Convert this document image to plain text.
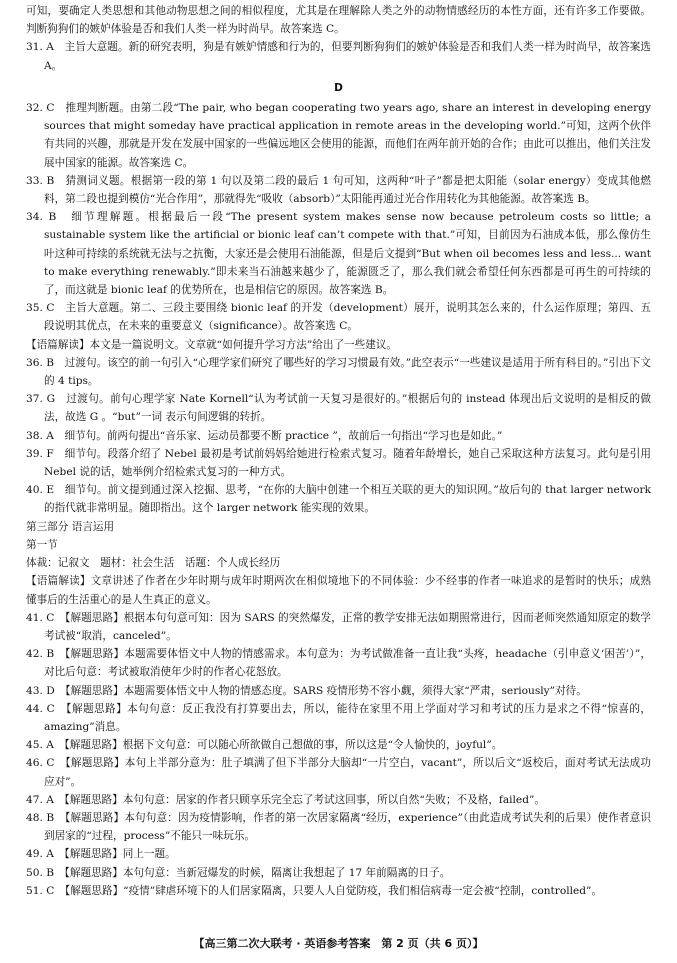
可知，要确定人类思想和其他动物思想之间的相似程度，尤其是在理解除人类之外的动物情感经历的本性方面，还有许多工作要做。判断狗狗们的嫉妒体验是否和我们人类一样为时尚早。故答案选 C。

31. A　主旨大意题。新的研究表明，狗是有嫉妒情感和行为的，但要判断狗狗们的嫉妒体验是否和我们人类一样为时尚早，故答案选 A。

D

32. C　推理判断题。由第二段“The pair, who began cooperating two years ago, share an interest in developing energy sources that might someday have practical application in remote areas in the developing world.”可知，这两个伙伴有共同的兴趣，那就是开发在发展中国家的一些偏远地区会使用的能源，而他们在两年前开始的合作；由此可以推出，他们关注发展中国家的能源。故答案选 C。

33. B　猜测词义题。根据第一段的第 1 句以及第二段的最后 1 句可知，这两种“叶子”都是把太阳能（solar energy）变成其他燃料，第二段也提到模仿“光合作用”，那就得先“吸收（absorb）”太阳能再通过光合作用转化为其他能源。故答案选 B。

34. B　细节理解题。根据最后一段“The present system makes sense now because petroleum costs so little; a sustainable system like the artificial or bionic leaf can’t compete with that.”可知，目前因为石油成本低，那么像仿生叶这种可持续的系统就无法与之抗衡，大家还是会使用石油能源，但是后文提到“But when oil becomes less and less... want to make everything renewably.”即未来当石油越来越少了，能源匮乏了，那么我们就会希望任何东西都是可再生的可持续的了，而这就是 bionic leaf 的优势所在，也是相信它的原因。故答案选 B。

35. C　主旨大意题。第二、三段主要围绕 bionic leaf 的开发（development）展开，说明其怎么来的，什么运作原理；第四、五段说明其优点，在未来的重要意义（significance）。故答案选 C。

【语篇解读】本文是一篇说明文。文章就“如何提升学习方法”给出了一些建议。

36. B　过渡句。该空的前一句引入“心理学家们研究了哪些好的学习习惯最有效。”此空表示“一些建议是适用于所有科目的。”引出下文的 4 tips。

37. G　过渡句。前句心理学家 Nate Kornell“认为考试前一天复习是很好的。”根据后句的 instead 体现出后文说明的是相反的做法，故选 G 。“but”一词 表示句间逻辑的转折。

38. A　细节句。前两句提出“音乐家、运动员都要不断 practice ”，故前后一句指出“学习也是如此。”

39. F　细节句。段落介绍了 Nebel 最初是考试前妈妈给她进行检索式复习。随着年龄增长，她自己采取这种方法复习。此句是引用 Nebel 说的话，她举例介绍检索式复习的一种方式。

40. E　细节句。前文提到通过深入挖掘、思考，“在你的大脑中创建一个相互关联的更大的知识网。”故后句的 that larger network 的指代就非常明显。随即指出。这个 larger network 能实现的效果。

第三部分 语言运用

第一节

体裁：记叙文　题材：社会生活　话题：个人成长经历

【语篇解读】文章讲述了作者在少年时期与成年时期两次在相似境地下的不同体验：少不经事的作者一味追求的是暂时的快乐；成熟懂事后的生活重心的是人生真正的意义。

41. C　【解题思路】根据本句句意可知：因为 SARS 的突然爆发，正常的教学安排无法如期照常进行，因而老师突然通知原定的数学考试被“取消，canceled”。

42. B　【解题思路】本题需要体悟文中人物的情感需求。本句意为：为考试做准备一直让我“头疼，headache（引申意义‘困苦’）”，对比后句意：考试被取消使年少时的作者心花怒放。

43. D　【解题思路】本题需要体悟文中人物的情感态度。SARS 疫情形势不容小觑，须得大家“严肃，seriously”对待。

44. C　【解题思路】本句句意：反正我没有打算要出去，所以，能待在家里不用上学面对学习和考试的压力是求之不得“惊喜的，amazing”消息。

45. A　【解题思路】根据下文句意：可以随心所欲做自己想做的事，所以这是“令人愉快的，joyful”。

46. C　【解题思路】本句上半部分意为：肚子填满了但下半部分大脑却“一片空白，vacant”，所以后文“返校后，面对考试无法成功应对”。

47. A　【解题思路】本句句意：居家的作者只顾享乐完全忘了考试这回事，所以自然“失败；不及格，failed”。

48. B　【解题思路】本句句意：因为疫情影响，作者的第一次居家隔离“经历，experience”（由此造成考试失利的后果）使作者意识到居家的“过程，process”不能只一味玩乐。

49. A　【解题思路】同上一题。

50. B　【解题思路】本句句意：当新冠爆发的时候，隔离让我想起了 17 年前隔离的日子。

51. C　【解题思路】“疫情”肆虐环境下的人们居家隔离，只要人人自觉防疫，我们相信病毒一定会被“控制，controlled”。

【高三第二次大联考 · 英语参考答案　第 2 页（共 6 页）】
